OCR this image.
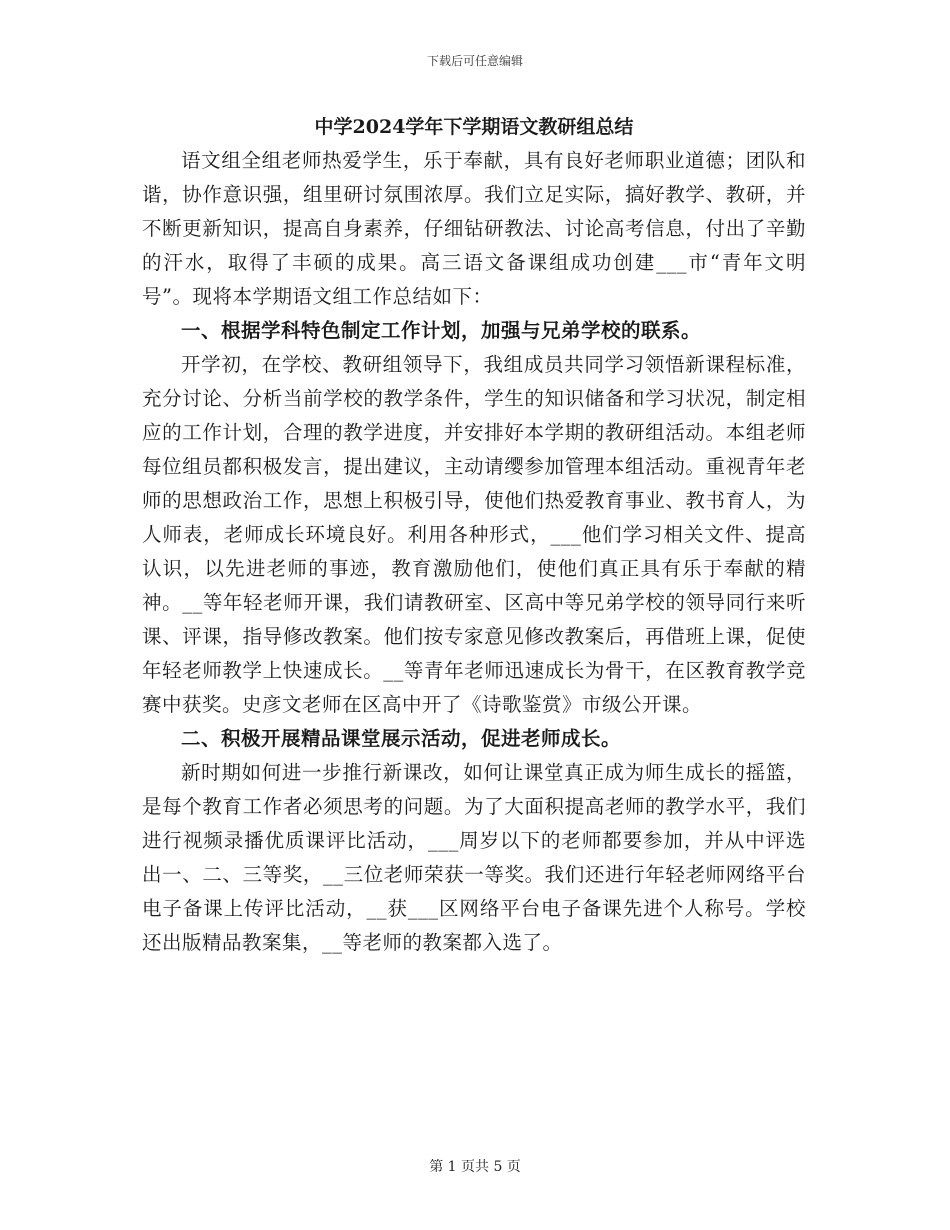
下载后可任意编辑

中学2024学年下学期语文教研组总结

语文组全组老师热爱学生，乐于奉献，具有良好老师职业道德；团队和谐，协作意识强，组里研讨氛围浓厚。我们立足实际，搞好教学、教研，并不断更新知识，提高自身素养，仔细钻研教法、讨论高考信息，付出了辛勤的汗水，取得了丰硕的成果。高三语文备课组成功创建___市“青年文明号”。现将本学期语文组工作总结如下：

一、根据学科特色制定工作计划，加强与兄弟学校的联系。

开学初，在学校、教研组领导下，我组成员共同学习领悟新课程标准，充分讨论、分析当前学校的教学条件，学生的知识储备和学习状况，制定相应的工作计划，合理的教学进度，并安排好本学期的教研组活动。本组老师每位组员都积极发言，提出建议，主动请缨参加管理本组活动。重视青年老师的思想政治工作，思想上积极引导，使他们热爱教育事业、教书育人，为人师表，老师成长环境良好。利用各种形式，___他们学习相关文件、提高认识，以先进老师的事迹，教育激励他们，使他们真正具有乐于奉献的精神。__等年轻老师开课，我们请教研室、区高中等兄弟学校的领导同行来听课、评课，指导修改教案。他们按专家意见修改教案后，再借班上课，促使年轻老师教学上快速成长。__等青年老师迅速成长为骨干，在区教育教学竞赛中获奖。史彦文老师在区高中开了《诗歌鉴赏》市级公开课。

二、积极开展精品课堂展示活动，促进老师成长。

新时期如何进一步推行新课改，如何让课堂真正成为师生成长的摇篮，是每个教育工作者必须思考的问题。为了大面积提高老师的教学水平，我们进行视频录播优质课评比活动，___周岁以下的老师都要参加，并从中评选出一、二、三等奖，__三位老师荣获一等奖。我们还进行年轻老师网络平台电子备课上传评比活动，__获___区网络平台电子备课先进个人称号。学校还出版精品教案集，__等老师的教案都入选了。

第 1 页共 5 页
